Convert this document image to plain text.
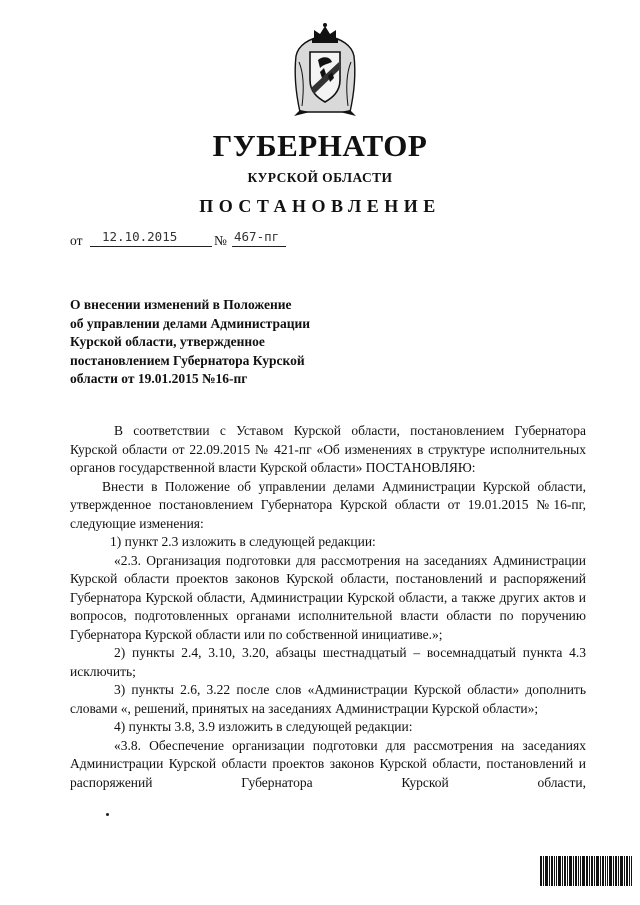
ГУБЕРНАТОР
КУРСКОЙ ОБЛАСТИ
ПОСТАНОВЛЕНИЕ
от 12.10.2015	№ 467-пг
О внесении изменений в Положение
об управлении делами Администрации
Курской области, утвержденное
постановлением Губернатора Курской
области от 19.01.2015 №16-пг

В соответствии с Уставом Курской области, постановлением Губернатора Курской области от 22.09.2015 № 421-пг «Об изменениях в структуре исполнительных органов государственной власти Курской области» ПОСТАНОВЛЯЮ:

Внести в Положение об управлении делами Администрации Курской области, утвержденное постановлением Губернатора Курской области от 19.01.2015 №16-пг, следующие изменения:

1) пункт 2.3 изложить в следующей редакции:

«2.3. Организация подготовки для рассмотрения на заседаниях Администрации Курской области проектов законов Курской области, постановлений и распоряжений Губернатора Курской области, Администрации Курской области, а также других актов и вопросов, подготовленных органами исполнительной власти области по поручению Губернатора Курской области или по собственной инициативе.»;

2) пункты 2.4, 3.10, 3.20, абзацы шестнадцатый – восемнадцатый пункта 4.3 исключить;

3) пункты 2.6, 3.22 после слов «Администрации Курской области» дополнить словами «, решений, принятых на заседаниях Администрации Курской области»;

4) пункты 3.8, 3.9 изложить в следующей редакции:

«3.8. Обеспечение организации подготовки для рассмотрения на заседаниях Администрации Курской области проектов законов Курской области, постановлений и распоряжений Губернатора Курской области,
